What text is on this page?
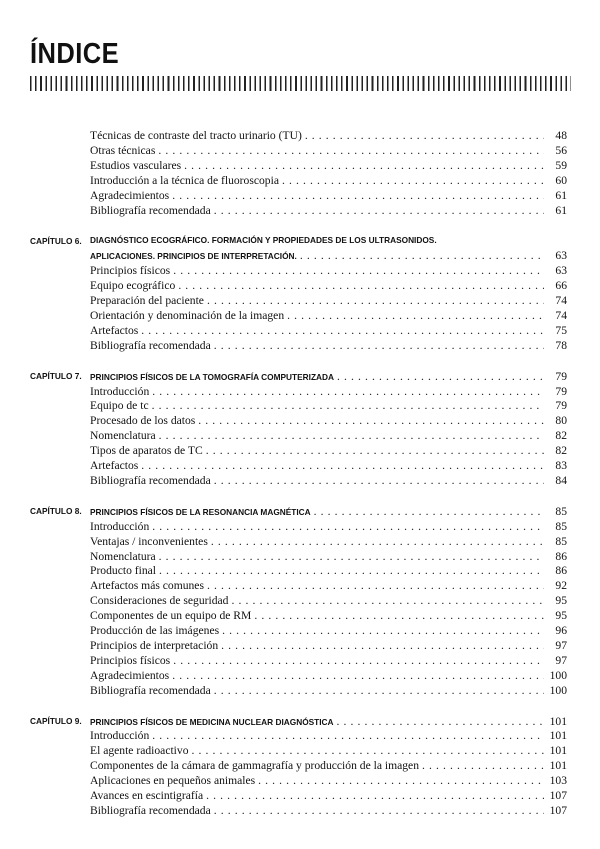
ÍNDICE
Técnicas de contraste del tracto urinario (TU) . . .	48
Otras técnicas . . .	56
Estudios vasculares . . .	59
Introducción a la técnica de fluoroscopia . . .	60
Agradecimientos . . .	61
Bibliografía recomendada . . .	61
CAPÍTULO 6.	DIAGNÓSTICO ECOGRÁFICO. FORMACIÓN Y PROPIEDADES DE LOS ULTRASONIDOS.
APLICACIONES. PRINCIPIOS DE INTERPRETACIÓN. . . .	63
Principios físicos . . .	63
Equipo ecográfico . . .	66
Preparación del paciente . . .	74
Orientación y denominación de la imagen . . .	74
Artefactos . . .	75
Bibliografía recomendada . . .	78
CAPÍTULO 7.	PRINCIPIOS FÍSICOS DE LA TOMOGRAFÍA COMPUTERIZADA . . .	79
Introducción . . .	79
Equipo de tc . . .	79
Procesado de los datos . . .	80
Nomenclatura . . .	82
Tipos de aparatos de TC . . .	82
Artefactos . . .	83
Bibliografía recomendada . . .	84
CAPÍTULO 8.	PRINCIPIOS FÍSICOS DE LA RESONANCIA MAGNÉTICA . . .	85
Introducción . . .	85
Ventajas / inconvenientes . . .	85
Nomenclatura . . .	86
Producto final . . .	86
Artefactos más comunes . . .	92
Consideraciones de seguridad . . .	95
Componentes de un equipo de RM . . .	95
Producción de las imágenes . . .	96
Principios de interpretación . . .	97
Principios físicos . . .	97
Agradecimientos . . .	100
Bibliografía recomendada . . .	100
CAPÍTULO 9.	PRINCIPIOS FÍSICOS DE MEDICINA NUCLEAR DIAGNÓSTICA . . .	101
Introducción . . .	101
El agente radioactivo . . .	101
Componentes de la cámara de gammagrafía y producción de la imagen . . .	101
Aplicaciones en pequeños animales . . .	103
Avances en escintigrafía . . .	107
Bibliografía recomendada . . .	107
